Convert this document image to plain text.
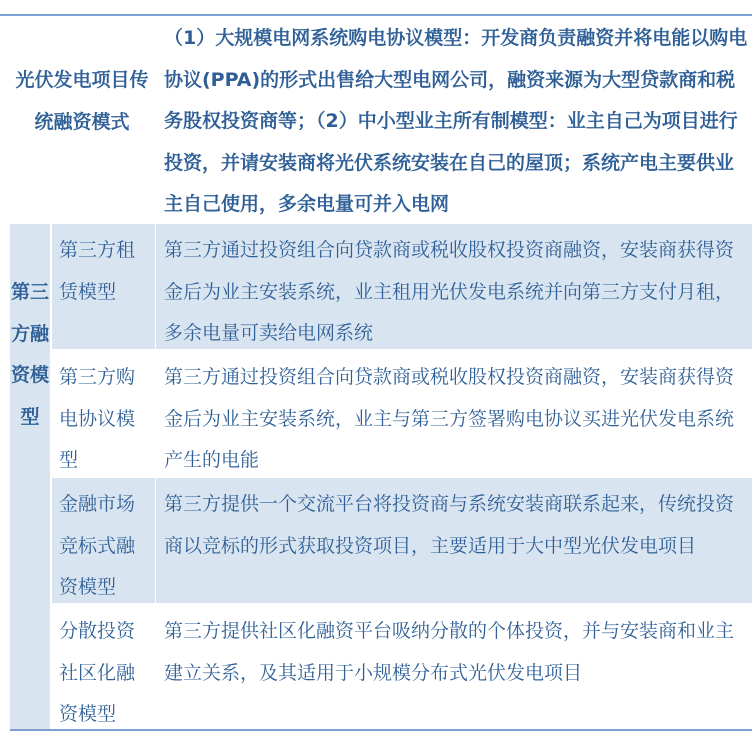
光伏发电项目传统融资模式
（1）大规模电网系统购电协议模型：开发商负责融资并将电能以购电协议(PPA)的形式出售给大型电网公司，融资来源为大型贷款商和税务股权投资商等；（2）中小型业主所有制模型：业主自己为项目进行投资，并请安装商将光伏系统安装在自己的屋顶；系统产电主要供业主自己使用，多余电量可并入电网
第三方融资模型
第三方租赁模型
第三方通过投资组合向贷款商或税收股权投资商融资，安装商获得资金后为业主安装系统，业主租用光伏发电系统并向第三方支付月租，多余电量可卖给电网系统
第三方购电协议模型
第三方通过投资组合向贷款商或税收股权投资商融资，安装商获得资金后为业主安装系统，业主与第三方签署购电协议买进光伏发电系统产生的电能
金融市场竞标式融资模型
第三方提供一个交流平台将投资商与系统安装商联系起来，传统投资商以竞标的形式获取投资项目，主要适用于大中型光伏发电项目
分散投资社区化融资模型
第三方提供社区化融资平台吸纳分散的个体投资，并与安装商和业主建立关系，及其适用于小规模分布式光伏发电项目
